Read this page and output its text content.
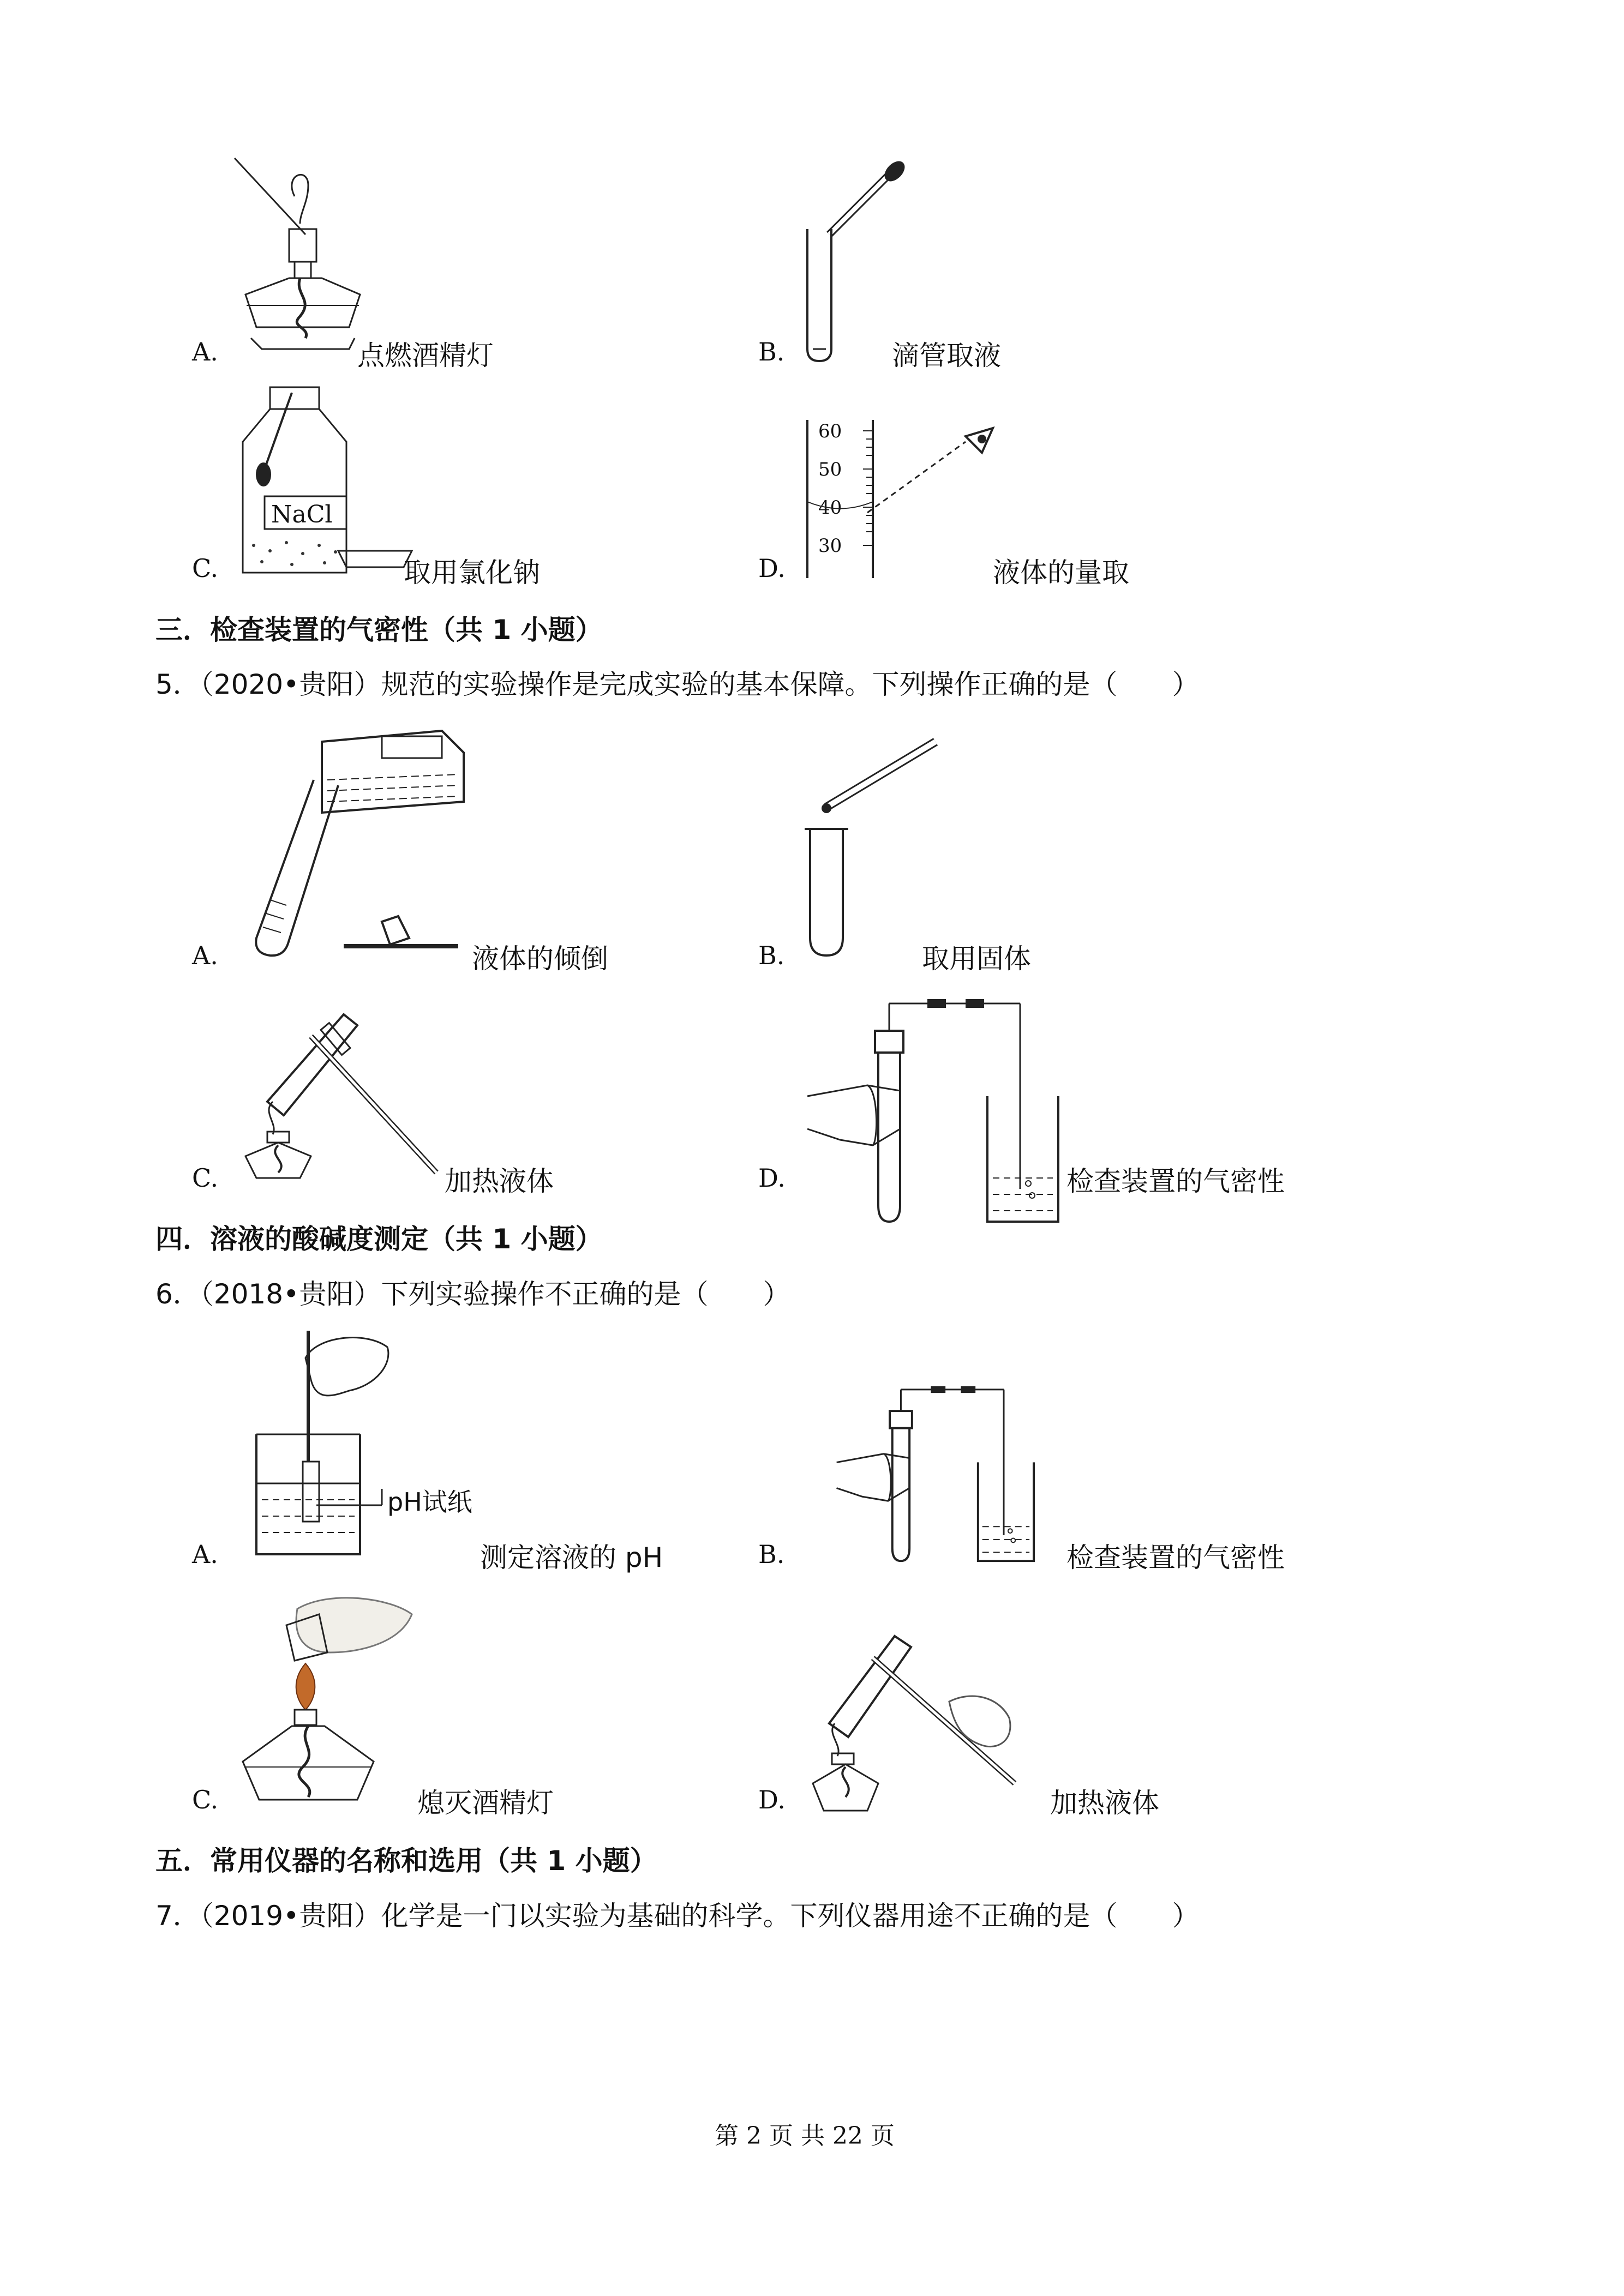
A.	点燃酒精灯	B.	滴管取液
NaCl
C.	取用氯化钠
60
50
40
30
D.	液体的量取
三．检查装置的气密性（共 1 小题）
5．（2020•贵阳）规范的实验操作是完成实验的基本保障。下列操作正确的是（　　）
A.	液体的倾倒	B.	取用固体
C.	加热液体	D.	检查装置的气密性
四．溶液的酸碱度测定（共 1 小题）
6．（2018•贵阳）下列实验操作不正确的是（　　）
pH试纸
A.	测定溶液的 pH	B.	检查装置的气密性
C.	熄灭酒精灯	D.	加热液体
五．常用仪器的名称和选用（共 1 小题）
7．（2019•贵阳）化学是一门以实验为基础的科学。下列仪器用途不正确的是（　　）
第 2 页 共 22 页
